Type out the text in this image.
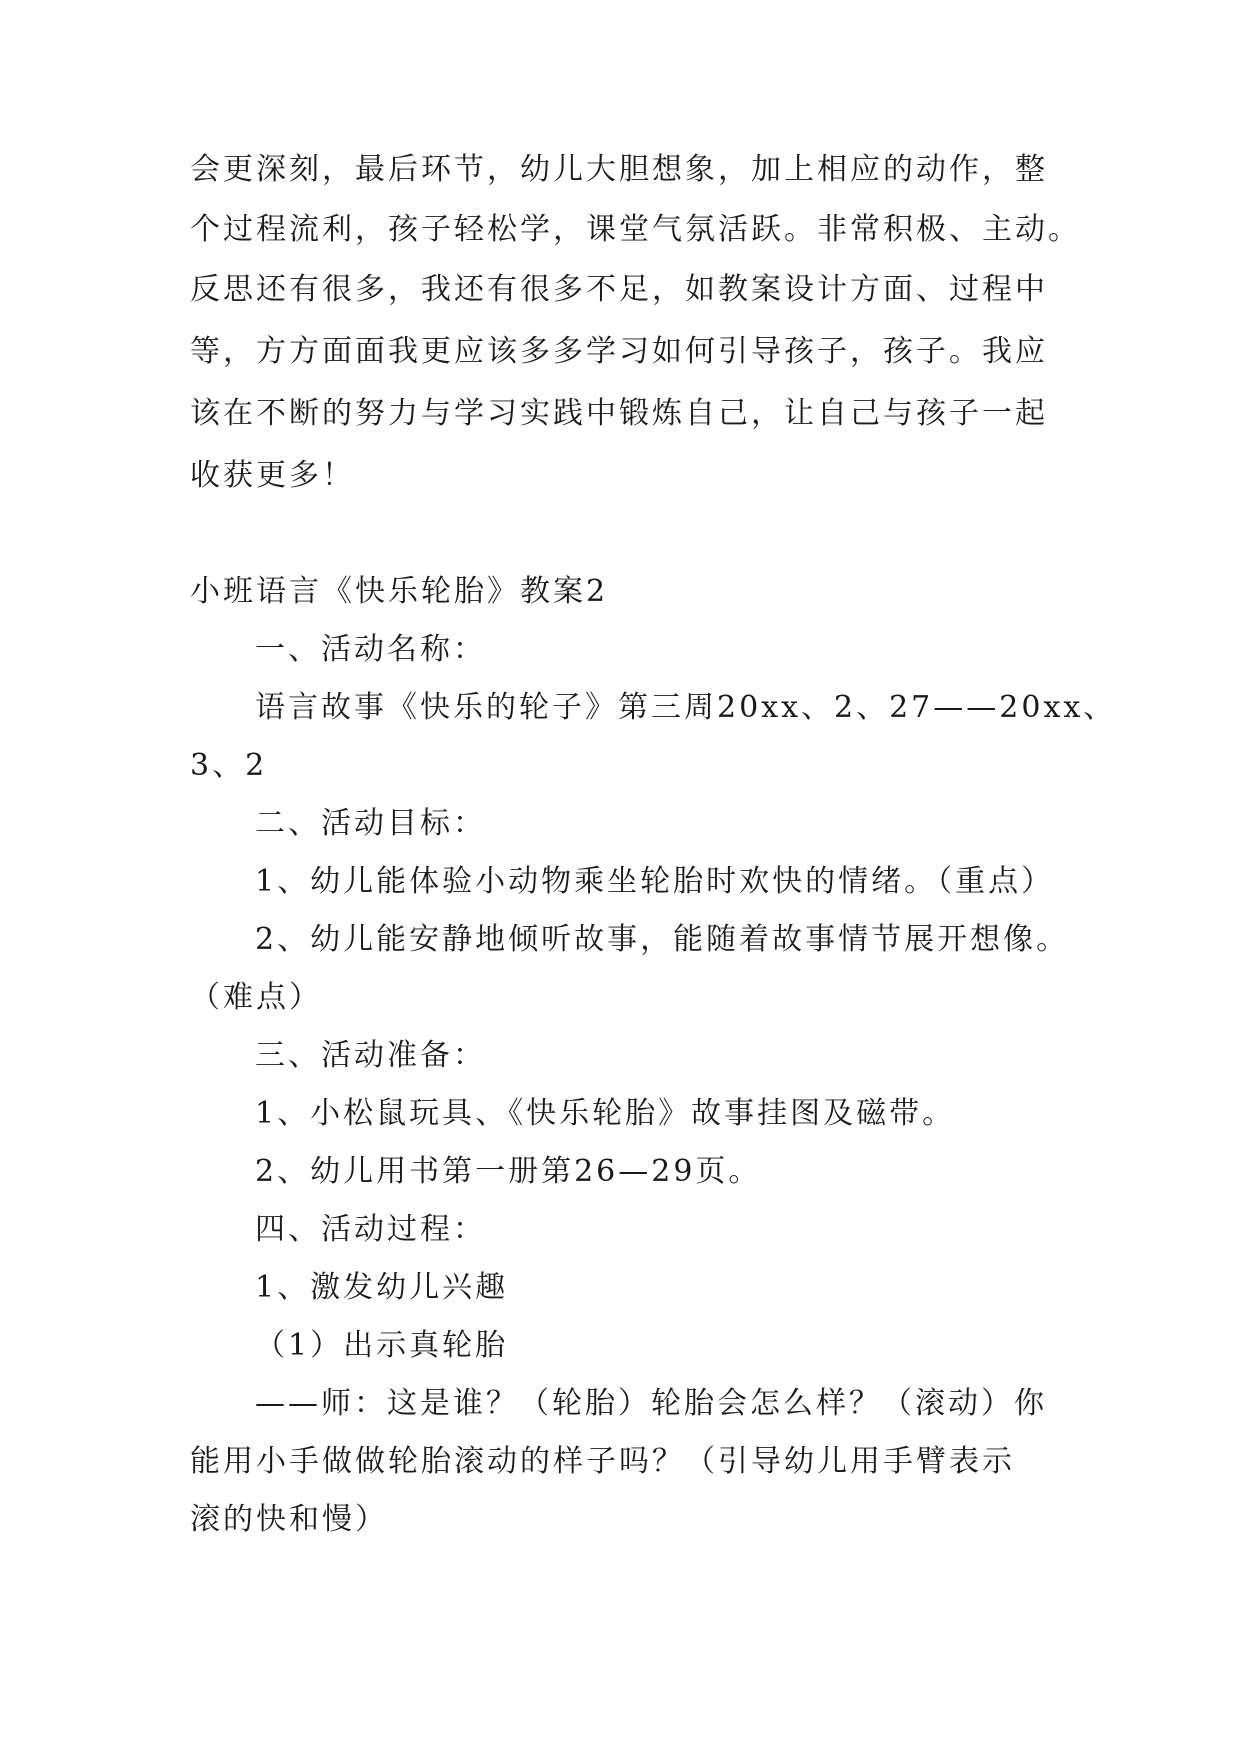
会更深刻，最后环节，幼儿大胆想象，加上相应的动作，整
个过程流利，孩子轻松学，课堂气氛活跃。非常积极、主动。
反思还有很多，我还有很多不足，如教案设计方面、过程中
等，方方面面我更应该多多学习如何引导孩子，孩子。我应
该在不断的努力与学习实践中锻炼自己，让自己与孩子一起
收获更多！
小班语言《快乐轮胎》教案2
一、活动名称：
语言故事《快乐的轮子》第三周20xx、2、27——20xx、
3、2
二、活动目标：
1、幼儿能体验小动物乘坐轮胎时欢快的情绪。（重点）
2、幼儿能安静地倾听故事，能随着故事情节展开想像。
（难点）
三、活动准备：
1、小松鼠玩具、《快乐轮胎》故事挂图及磁带。
2、幼儿用书第一册第26—29页。
四、活动过程：
1、激发幼儿兴趣
（1）出示真轮胎
——师：这是谁？（轮胎）轮胎会怎么样？（滚动）你
能用小手做做轮胎滚动的样子吗？（引导幼儿用手臂表示
滚的快和慢）
